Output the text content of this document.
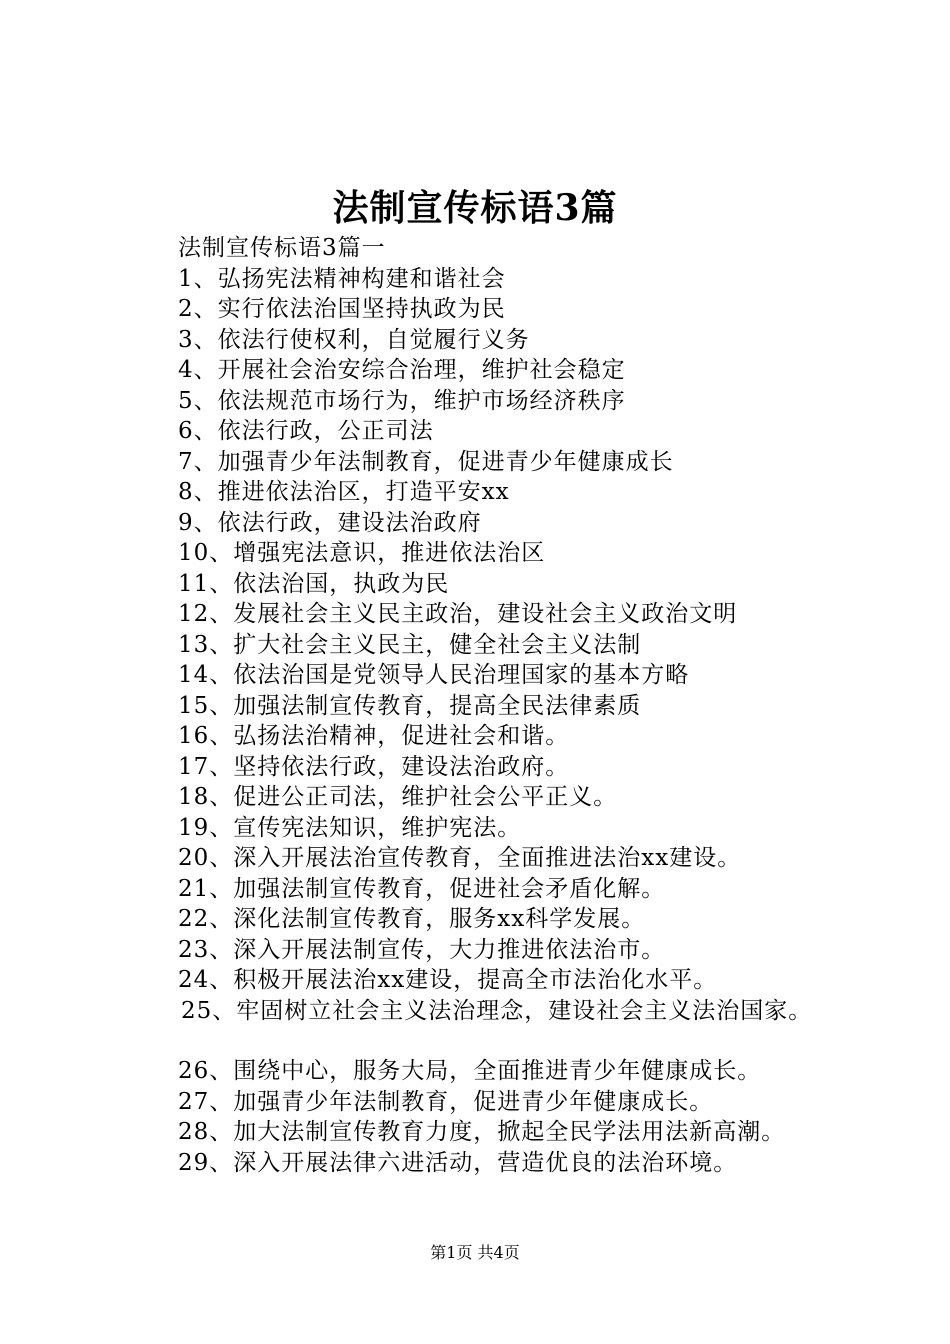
法制宣传标语3篇
法制宣传标语3篇一
1、弘扬宪法精神构建和谐社会
2、实行依法治国坚持执政为民
3、依法行使权利，自觉履行义务
4、开展社会治安综合治理，维护社会稳定
5、依法规范市场行为，维护市场经济秩序
6、依法行政，公正司法
7、加强青少年法制教育，促进青少年健康成长
8、推进依法治区，打造平安xx
9、依法行政，建设法治政府
10、增强宪法意识，推进依法治区
11、依法治国，执政为民
12、发展社会主义民主政治，建设社会主义政治文明
13、扩大社会主义民主，健全社会主义法制
14、依法治国是党领导人民治理国家的基本方略
15、加强法制宣传教育，提高全民法律素质
16、弘扬法治精神，促进社会和谐。
17、坚持依法行政，建设法治政府。
18、促进公正司法，维护社会公平正义。
19、宣传宪法知识，维护宪法。
20、深入开展法治宣传教育，全面推进法治xx建设。
21、加强法制宣传教育，促进社会矛盾化解。
22、深化法制宣传教育，服务xx科学发展。
23、深入开展法制宣传，大力推进依法治市。
24、积极开展法治xx建设，提高全市法治化水平。
25、牢固树立社会主义法治理念，建设社会主义法治国家。
26、围绕中心，服务大局，全面推进青少年健康成长。
27、加强青少年法制教育，促进青少年健康成长。
28、加大法制宣传教育力度，掀起全民学法用法新高潮。
29、深入开展法律六进活动，营造优良的法治环境。
第1页 共4页
